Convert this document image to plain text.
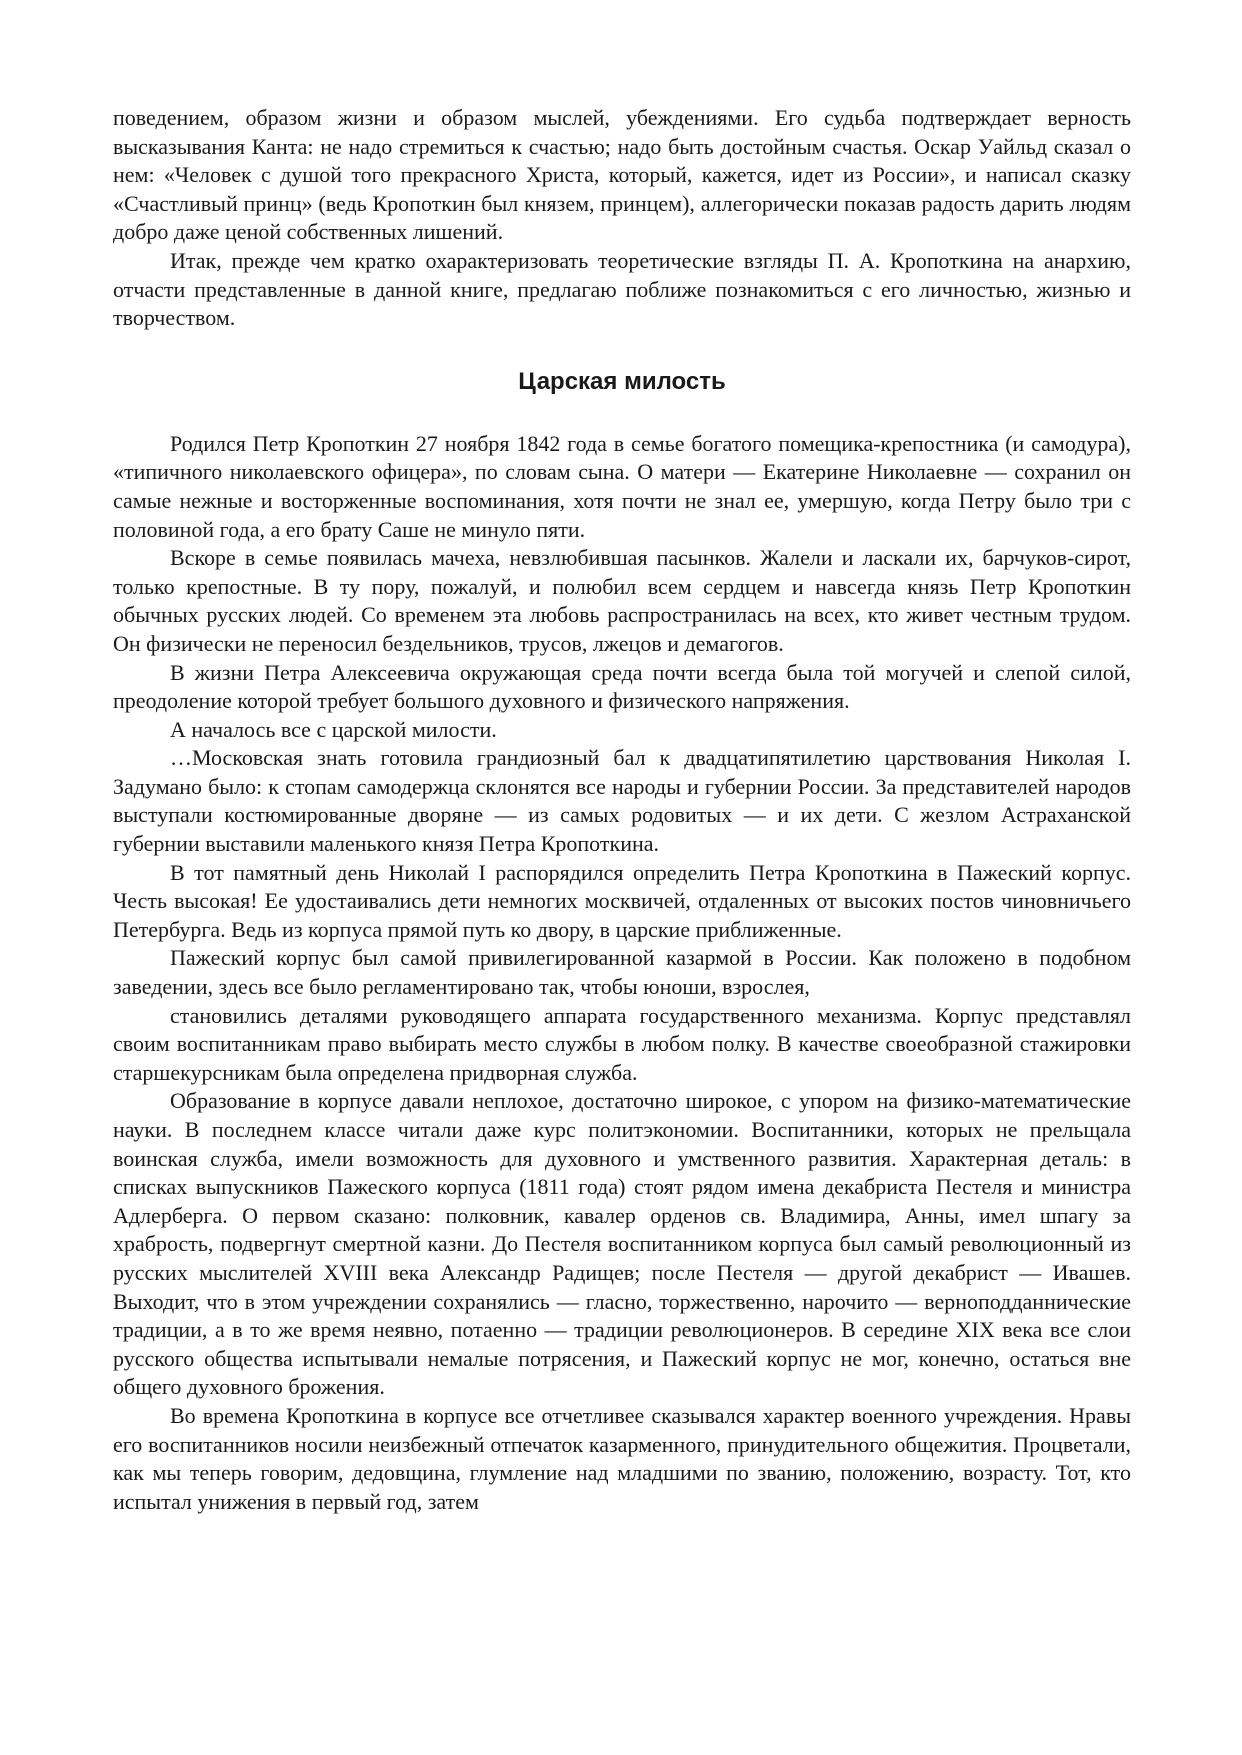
поведением, образом жизни и образом мыслей, убеждениями. Его судьба подтверждает верность высказывания Канта: не надо стремиться к счастью; надо быть достойным счастья. Оскар Уайльд сказал о нем: «Человек с душой того прекрасного Христа, который, кажется, идет из России», и написал сказку «Счастливый принц» (ведь Кропоткин был князем, принцем), аллегорически показав радость дарить людям добро даже ценой собственных лишений.

Итак, прежде чем кратко охарактеризовать теоретические взгляды П. А. Кропоткина на анархию, отчасти представленные в данной книге, предлагаю поближе познакомиться с его личностью, жизнью и творчеством.

Царская милость

Родился Петр Кропоткин 27 ноября 1842 года в семье богатого помещика-крепостника (и самодура), «типичного николаевского офицера», по словам сына. О матери — Екатерине Николаевне — сохранил он самые нежные и восторженные воспоминания, хотя почти не знал ее, умершую, когда Петру было три с половиной года, а его брату Саше не минуло пяти.

Вскоре в семье появилась мачеха, невзлюбившая пасынков. Жалели и ласкали их, барчуков-сирот, только крепостные. В ту пору, пожалуй, и полюбил всем сердцем и навсегда князь Петр Кропоткин обычных русских людей. Со временем эта любовь распространилась на всех, кто живет честным трудом. Он физически не переносил бездельников, трусов, лжецов и демагогов.

В жизни Петра Алексеевича окружающая среда почти всегда была той могучей и слепой силой, преодоление которой требует большого духовного и физического напряжения.

А началось все с царской милости.

…Московская знать готовила грандиозный бал к двадцатипятилетию царствования Николая I. Задумано было: к стопам самодержца склонятся все народы и губернии России. За представителей народов выступали костюмированные дворяне — из самых родовитых — и их дети. С жезлом Астраханской губернии выставили маленького князя Петра Кропоткина.

В тот памятный день Николай I распорядился определить Петра Кропоткина в Пажеский корпус. Честь высокая! Ее удостаивались дети немногих москвичей, отдаленных от высоких постов чиновничьего Петербурга. Ведь из корпуса прямой путь ко двору, в царские приближенные.

Пажеский корпус был самой привилегированной казармой в России. Как положено в подобном заведении, здесь все было регламентировано так, чтобы юноши, взрослея,

становились деталями руководящего аппарата государственного механизма. Корпус представлял своим воспитанникам право выбирать место службы в любом полку. В качестве своеобразной стажировки старшекурсникам была определена придворная служба.

Образование в корпусе давали неплохое, достаточно широкое, с упором на физико-математические науки. В последнем классе читали даже курс политэкономии. Воспитанники, которых не прельщала воинская служба, имели возможность для духовного и умственного развития. Характерная деталь: в списках выпускников Пажеского корпуса (1811 года) стоят рядом имена декабриста Пестеля и министра Адлерберга. О первом сказано: полковник, кавалер орденов св. Владимира, Анны, имел шпагу за храбрость, подвергнут смертной казни. До Пестеля воспитанником корпуса был самый революционный из русских мыслителей XVIII века Александр Радищев; после Пестеля — другой декабрист — Ивашев. Выходит, что в этом учреждении сохранялись — гласно, торжественно, нарочито — верноподданнические традиции, а в то же время неявно, потаенно — традиции революционеров. В середине XIX века все слои русского общества испытывали немалые потрясения, и Пажеский корпус не мог, конечно, остаться вне общего духовного брожения.

Во времена Кропоткина в корпусе все отчетливее сказывался характер военного учреждения. Нравы его воспитанников носили неизбежный отпечаток казарменного, принудительного общежития. Процветали, как мы теперь говорим, дедовщина, глумление над младшими по званию, положению, возрасту. Тот, кто испытал унижения в первый год, затем
